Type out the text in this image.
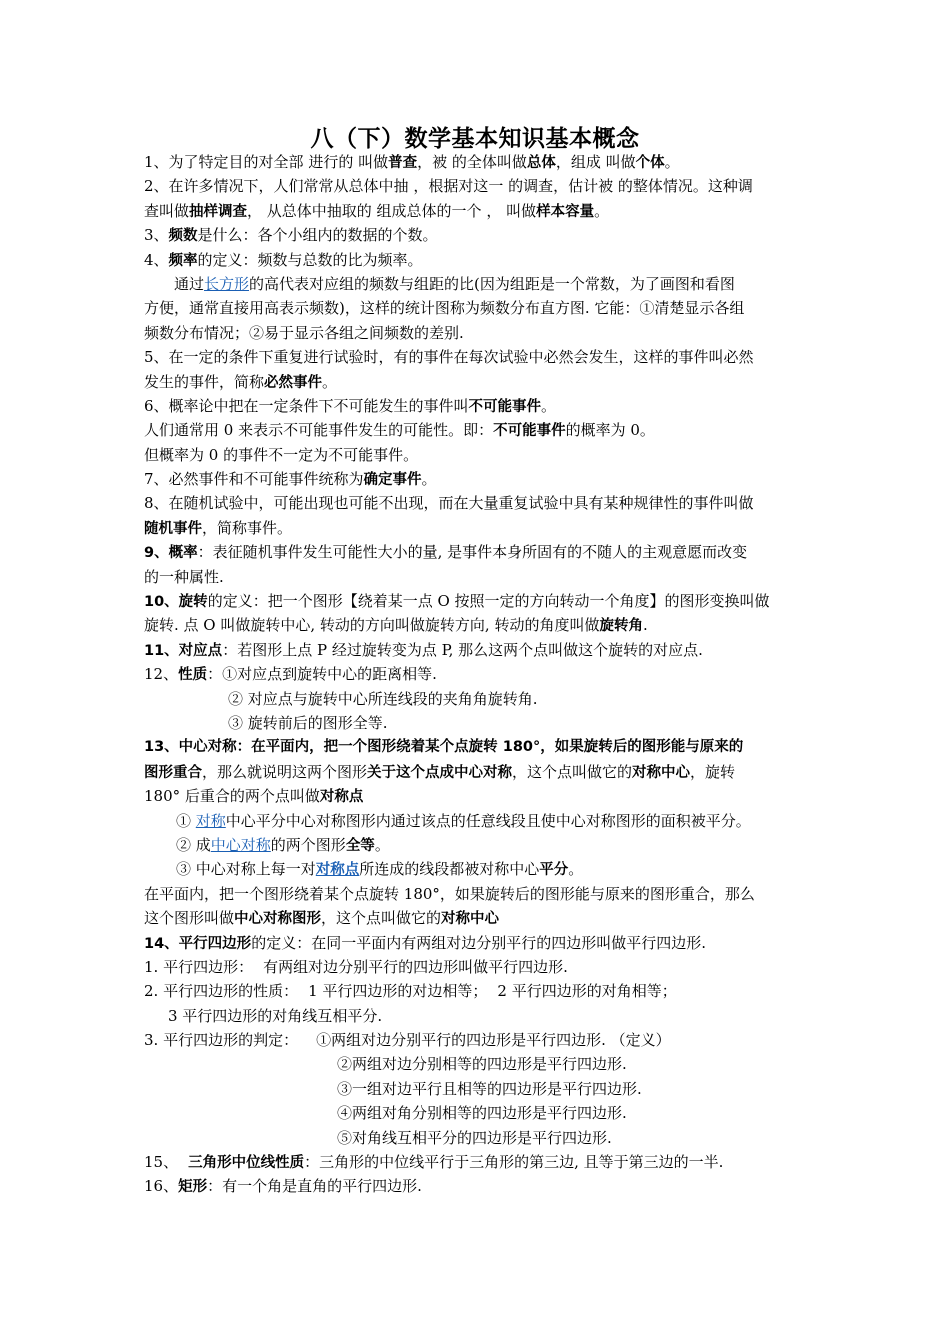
八（下）数学基本知识基本概念
1、为了特定目的对全部 进行的 叫做普查，被 的全体叫做总体，组成 叫做个体。
2、在许多情况下，人们常常从总体中抽 ，根据对这一 的调查，估计被 的整体情况。这种调
查叫做抽样调查， 从总体中抽取的 组成总体的一个 ， 叫做样本容量。
3、频数是什么：各个小组内的数据的个数。
4、频率的定义：频数与总数的比为频率。
通过长方形的高代表对应组的频数与组距的比(因为组距是一个常数，为了画图和看图
方便，通常直接用高表示频数)，这样的统计图称为频数分布直方图. 它能：①清楚显示各组
频数分布情况；②易于显示各组之间频数的差别.
5、在一定的条件下重复进行试验时，有的事件在每次试验中必然会发生，这样的事件叫必然
发生的事件，简称必然事件。
6、概率论中把在一定条件下不可能发生的事件叫不可能事件。
人们通常用 0 来表示不可能事件发生的可能性。即：不可能事件的概率为 0。
但概率为 0 的事件不一定为不可能事件。
7、必然事件和不可能事件统称为确定事件。
8、在随机试验中，可能出现也可能不出现，而在大量重复试验中具有某种规律性的事件叫做
随机事件，简称事件。
9、概率：表征随机事件发生可能性大小的量, 是事件本身所固有的不随人的主观意愿而改变
的一种属性.
10、旋转的定义：把一个图形【绕着某一点 O 按照一定的方向转动一个角度】的图形变换叫做
旋转. 点 O 叫做旋转中心, 转动的方向叫做旋转方向, 转动的角度叫做旋转角.
11、对应点：若图形上点 P 经过旋转变为点 P, 那么这两个点叫做这个旋转的对应点.
12、性质：①对应点到旋转中心的距离相等.
② 对应点与旋转中心所连线段的夹角角旋转角.
③ 旋转前后的图形全等.
13、中心对称：在平面内，把一个图形绕着某个点旋转 180°，如果旋转后的图形能与原来的
图形重合，那么就说明这两个图形关于这个点成中心对称，这个点叫做它的对称中心，旋转
180° 后重合的两个点叫做对称点
① 对称中心平分中心对称图形内通过该点的任意线段且使中心对称图形的面积被平分。
② 成中心对称的两个图形全等。
③ 中心对称上每一对对称点所连成的线段都被对称中心平分。
在平面内，把一个图形绕着某个点旋转 180°，如果旋转后的图形能与原来的图形重合，那么
这个图形叫做中心对称图形，这个点叫做它的对称中心
14、平行四边形的定义：在同一平面内有两组对边分别平行的四边形叫做平行四边形.
1. 平行四边形： 有两组对边分别平行的四边形叫做平行四边形.
2. 平行四边形的性质： 1 平行四边形的对边相等； 2 平行四边形的对角相等；
3 平行四边形的对角线互相平分.
3. 平行四边形的判定： ①两组对边分别平行的四边形是平行四边形. （定义）
②两组对边分别相等的四边形是平行四边形.
③一组对边平行且相等的四边形是平行四边形.
④两组对角分别相等的四边形是平行四边形.
⑤对角线互相平分的四边形是平行四边形.
15、 三角形中位线性质：三角形的中位线平行于三角形的第三边, 且等于第三边的一半.
16、矩形：有一个角是直角的平行四边形.
